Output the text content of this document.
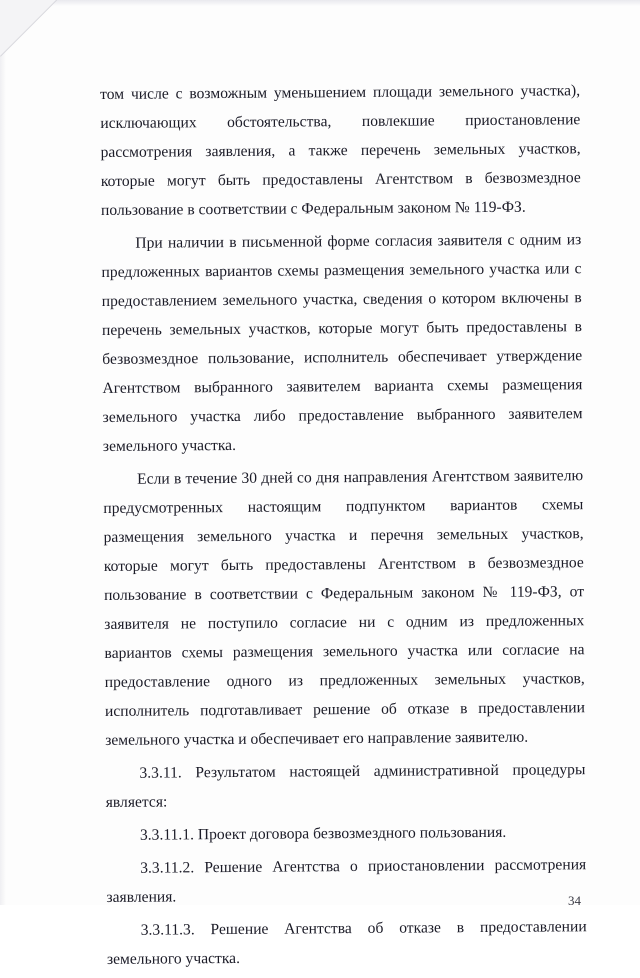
том числе с возможным уменьшением площади земельного участка), исключающих обстоятельства, повлекшие приостановление рассмотрения заявления, а также перечень земельных участков, которые могут быть предоставлены Агентством в безвозмездное пользование в соответствии с Федеральным законом № 119-ФЗ.

При наличии в письменной форме согласия заявителя с одним из предложенных вариантов схемы размещения земельного участка или с предоставлением земельного участка, сведения о котором включены в перечень земельных участков, которые могут быть предоставлены в безвозмездное пользование, исполнитель обеспечивает утверждение Агентством выбранного заявителем варианта схемы размещения земельного участка либо предоставление выбранного заявителем земельного участка.

Если в течение 30 дней со дня направления Агентством заявителю предусмотренных настоящим подпунктом вариантов схемы размещения земельного участка и перечня земельных участков, которые могут быть предоставлены Агентством в безвозмездное пользование в соответствии с Федеральным законом № 119-ФЗ, от заявителя не поступило согласие ни с одним из предложенных вариантов схемы размещения земельного участка или согласие на предоставление одного из предложенных земельных участков, исполнитель подготавливает решение об отказе в предоставлении земельного участка и обеспечивает его направление заявителю.

3.3.11. Результатом настоящей административной процедуры является:

3.3.11.1. Проект договора безвозмездного пользования.

3.3.11.2. Решение Агентства о приостановлении рассмотрения заявления.

3.3.11.3. Решение Агентства об отказе в предоставлении земельного участка.

34
